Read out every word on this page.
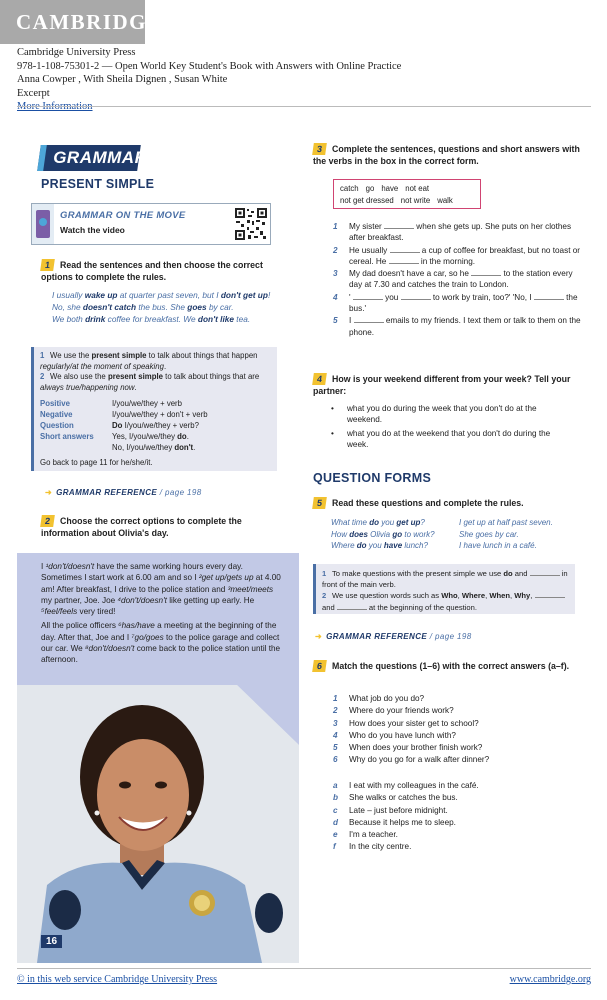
CAMBRIDGE
Cambridge University Press
978-1-108-75301-2 — Open World Key Student's Book with Answers with Online Practice
Anna Cowper , With Sheila Dignen , Susan White
Excerpt
GRAMMAR
PRESENT SIMPLE
GRAMMAR ON THE MOVE
Watch the video
1 Read the sentences and then choose the correct options to complete the rules.
I usually wake up at quarter past seven, but I don't get up!
No, she doesn't catch the bus. She goes by car.
We both drink coffee for breakfast. We don't like tea.
1 We use the present simple to talk about things that happen regularly/at the moment of speaking.
2 We also use the present simple to talk about things that are always true/happening now.
Positive	I/you/we/they + verb
Negative	I/you/we/they + don't + verb
Question	Do I/you/we/they + verb?
Short answers	Yes, I/you/we/they do.
No, I/you/we/they don't.
Go back to page 11 for he/she/it.
➜ GRAMMAR REFERENCE / page 198
2 Choose the correct options to complete the information about Olivia's day.

I ¹don't/doesn't have the same working hours every day. Sometimes I start work at 6.00 am and so I ²get up/gets up at 4.00 am! After breakfast, I drive to the police station and ³meet/meets my partner, Joe. Joe ⁴don't/doesn't like getting up early. He ⁵feel/feels very tired!

All the police officers ⁶has/have a meeting at the beginning of the day. After that, Joe and I ⁷go/goes to the police garage and collect our car. We ⁸don't/doesn't come back to the police station until the afternoon.

16
3 Complete the sentences, questions and short answers with the verbs in the box in the correct form.
catch go have not eat
not get dressed not write walk
1	My sister	when she gets up. She puts on her clothes after breakfast.
2	He usually	a cup of coffee for breakfast, but no toast or cereal. He	in the morning.
3	My dad doesn't have a car, so he	to the station every day at 7.30 and catches the train to London.
4	'	you	to work by train, too?' 'No, I	the bus.'
5	I	emails to my friends. I text them or talk to them on the phone.
4 How is your weekend different from your week? Tell your partner:
•	what you do during the week that you don't do at the weekend.
•	what you do at the weekend that you don't do during the week.
QUESTION FORMS
5 Read these questions and complete the rules.
What time do you get up?	I get up at half past seven.
How does Olivia go to work?	She goes by car.
Where do you have lunch?	I have lunch in a café.
1 To make questions with the present simple we use do and	in front of the main verb.
2 We use question words such as Who, Where, When, Why,  and	at the beginning of the question.
➜ GRAMMAR REFERENCE / page 198
6 Match the questions (1–6) with the correct answers (a–f).
1	What job do you do?
2	Where do your friends work?
3	How does your sister get to school?
4	Who do you have lunch with?
5	When does your brother finish work?
6	Why do you go for a walk after dinner?
a	I eat with my colleagues in the café.
b	She walks or catches the bus.
c	Late – just before midnight.
d	Because it helps me to sleep.
e	I'm a teacher.
f	In the city centre.
© in this web service Cambridge University Press	www.cambridge.org
